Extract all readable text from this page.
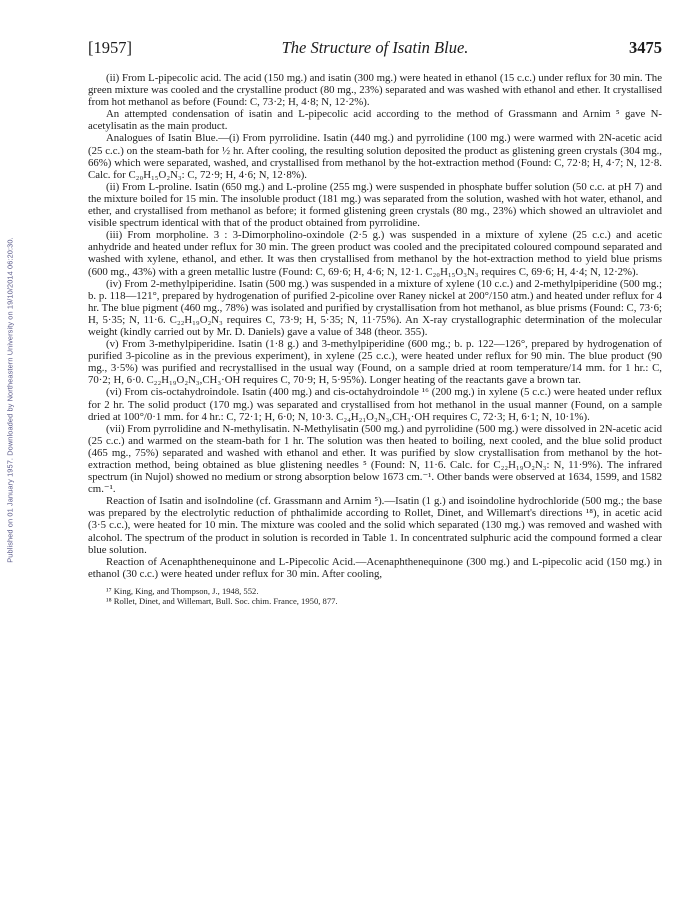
Published on 01 January 1957. Downloaded by Northeastern University on 19/10/2014 06:20:30.
[1957]	The Structure of Isatin Blue.	3475

(ii) From L-pipecolic acid. The acid (150 mg.) and isatin (300 mg.) were heated in ethanol (15 c.c.) under reflux for 30 min. The green mixture was cooled and the crystalline product (80 mg., 23%) separated and was washed with ethanol and ether. It crystallised from hot methanol as before (Found: C, 73·2; H, 4·8; N, 12·2%).

An attempted condensation of isatin and L-pipecolic acid according to the method of Grassmann and Arnim ⁵ gave N-acetylisatin as the main product.

Analogues of Isatin Blue.—(i) From pyrrolidine. Isatin (440 mg.) and pyrrolidine (100 mg.) were warmed with 2N-acetic acid (25 c.c.) on the steam-bath for ½ hr. After cooling, the resulting solution deposited the product as glistening green crystals (304 mg., 66%) which were separated, washed, and crystallised from methanol by the hot-extraction method (Found: C, 72·8; H, 4·7; N, 12·8. Calc. for C₂₀H₁₅O₂N₃: C, 72·9; H, 4·6; N, 12·8%).

(ii) From L-proline. Isatin (650 mg.) and L-proline (255 mg.) were suspended in phosphate buffer solution (50 c.c. at pH 7) and the mixture boiled for 15 min. The insoluble product (181 mg.) was separated from the solution, washed with hot water, ethanol, and ether, and crystallised from methanol as before; it formed glistening green crystals (80 mg., 23%) which showed an ultraviolet and visible spectrum identical with that of the product obtained from pyrrolidine.

(iii) From morpholine. 3 : 3-Dimorpholino-oxindole (2·5 g.) was suspended in a mixture of xylene (25 c.c.) and acetic anhydride and heated under reflux for 30 min. The green product was cooled and the precipitated coloured compound separated and washed with xylene, ethanol, and ether. It was then crystallised from methanol by the hot-extraction method to yield blue prisms (600 mg., 43%) with a green metallic lustre (Found: C, 69·6; H, 4·6; N, 12·1. C₂₀H₁₅O₃N₃ requires C, 69·6; H, 4·4; N, 12·2%).

(iv) From 2-methylpiperidine. Isatin (500 mg.) was suspended in a mixture of xylene (10 c.c.) and 2-methylpiperidine (500 mg.; b. p. 118—121°, prepared by hydrogenation of purified 2-picoline over Raney nickel at 200°/150 atm.) and heated under reflux for 4 hr. The blue pigment (460 mg., 78%) was isolated and purified by crystallisation from hot methanol, as blue prisms (Found: C, 73·6; H, 5·35; N, 11·6. C₂₂H₁₉O₂N₃ requires C, 73·9; H, 5·35; N, 11·75%). An X-ray crystallographic determination of the molecular weight (kindly carried out by Mr. D. Daniels) gave a value of 348 (theor. 355).

(v) From 3-methylpiperidine. Isatin (1·8 g.) and 3-methylpiperidine (600 mg.; b. p. 122—126°, prepared by hydrogenation of purified 3-picoline as in the previous experiment), in xylene (25 c.c.), were heated under reflux for 90 min. The blue product (90 mg., 3·5%) was purified and recrystallised in the usual way (Found, on a sample dried at room temperature/14 mm. for 1 hr.: C, 70·2; H, 6·0. C₂₂H₁₉O₂N₃,CH₃·OH requires C, 70·9; H, 5·95%). Longer heating of the reactants gave a brown tar.

(vi) From cis-octahydroindole. Isatin (400 mg.) and cis-octahydroindole ¹⁶ (200 mg.) in xylene (5 c.c.) were heated under reflux for 2 hr. The solid product (170 mg.) was separated and crystallised from hot methanol in the usual manner (Found, on a sample dried at 100°/0·1 mm. for 4 hr.: C, 72·1; H, 6·0; N, 10·3. C₂₄H₂₁O₂N₃,CH₃·OH requires C, 72·3; H, 6·1; N, 10·1%).

(vii) From pyrrolidine and N-methylisatin. N-Methylisatin (500 mg.) and pyrrolidine (500 mg.) were dissolved in 2N-acetic acid (25 c.c.) and warmed on the steam-bath for 1 hr. The solution was then heated to boiling, next cooled, and the blue solid product (465 mg., 75%) separated and washed with ethanol and ether. It was purified by slow crystallisation from methanol by the hot-extraction method, being obtained as blue glistening needles ⁵ (Found: N, 11·6. Calc. for C₂₂H₁₉O₂N₃: N, 11·9%). The infrared spectrum (in Nujol) showed no medium or strong absorption below 1673 cm.⁻¹. Other bands were observed at 1634, 1599, and 1582 cm.⁻¹.

Reaction of Isatin and isoIndoline (cf. Grassmann and Arnim ⁵).—Isatin (1 g.) and isoindoline hydrochloride (500 mg.; the base was prepared by the electrolytic reduction of phthalimide according to Rollet, Dinet, and Willemart's directions ¹⁸), in acetic acid (3·5 c.c.), were heated for 10 min. The mixture was cooled and the solid which separated (130 mg.) was removed and washed with alcohol. The spectrum of the product in solution is recorded in Table 1. In concentrated sulphuric acid the compound formed a clear blue solution.

Reaction of Acenaphthenequinone and L-Pipecolic Acid.—Acenaphthenequinone (300 mg.) and L-pipecolic acid (150 mg.) in ethanol (30 c.c.) were heated under reflux for 30 min. After cooling,

¹⁷ King, King, and Thompson, J., 1948, 552.

¹⁸ Rollet, Dinet, and Willemart, Bull. Soc. chim. France, 1950, 877.
